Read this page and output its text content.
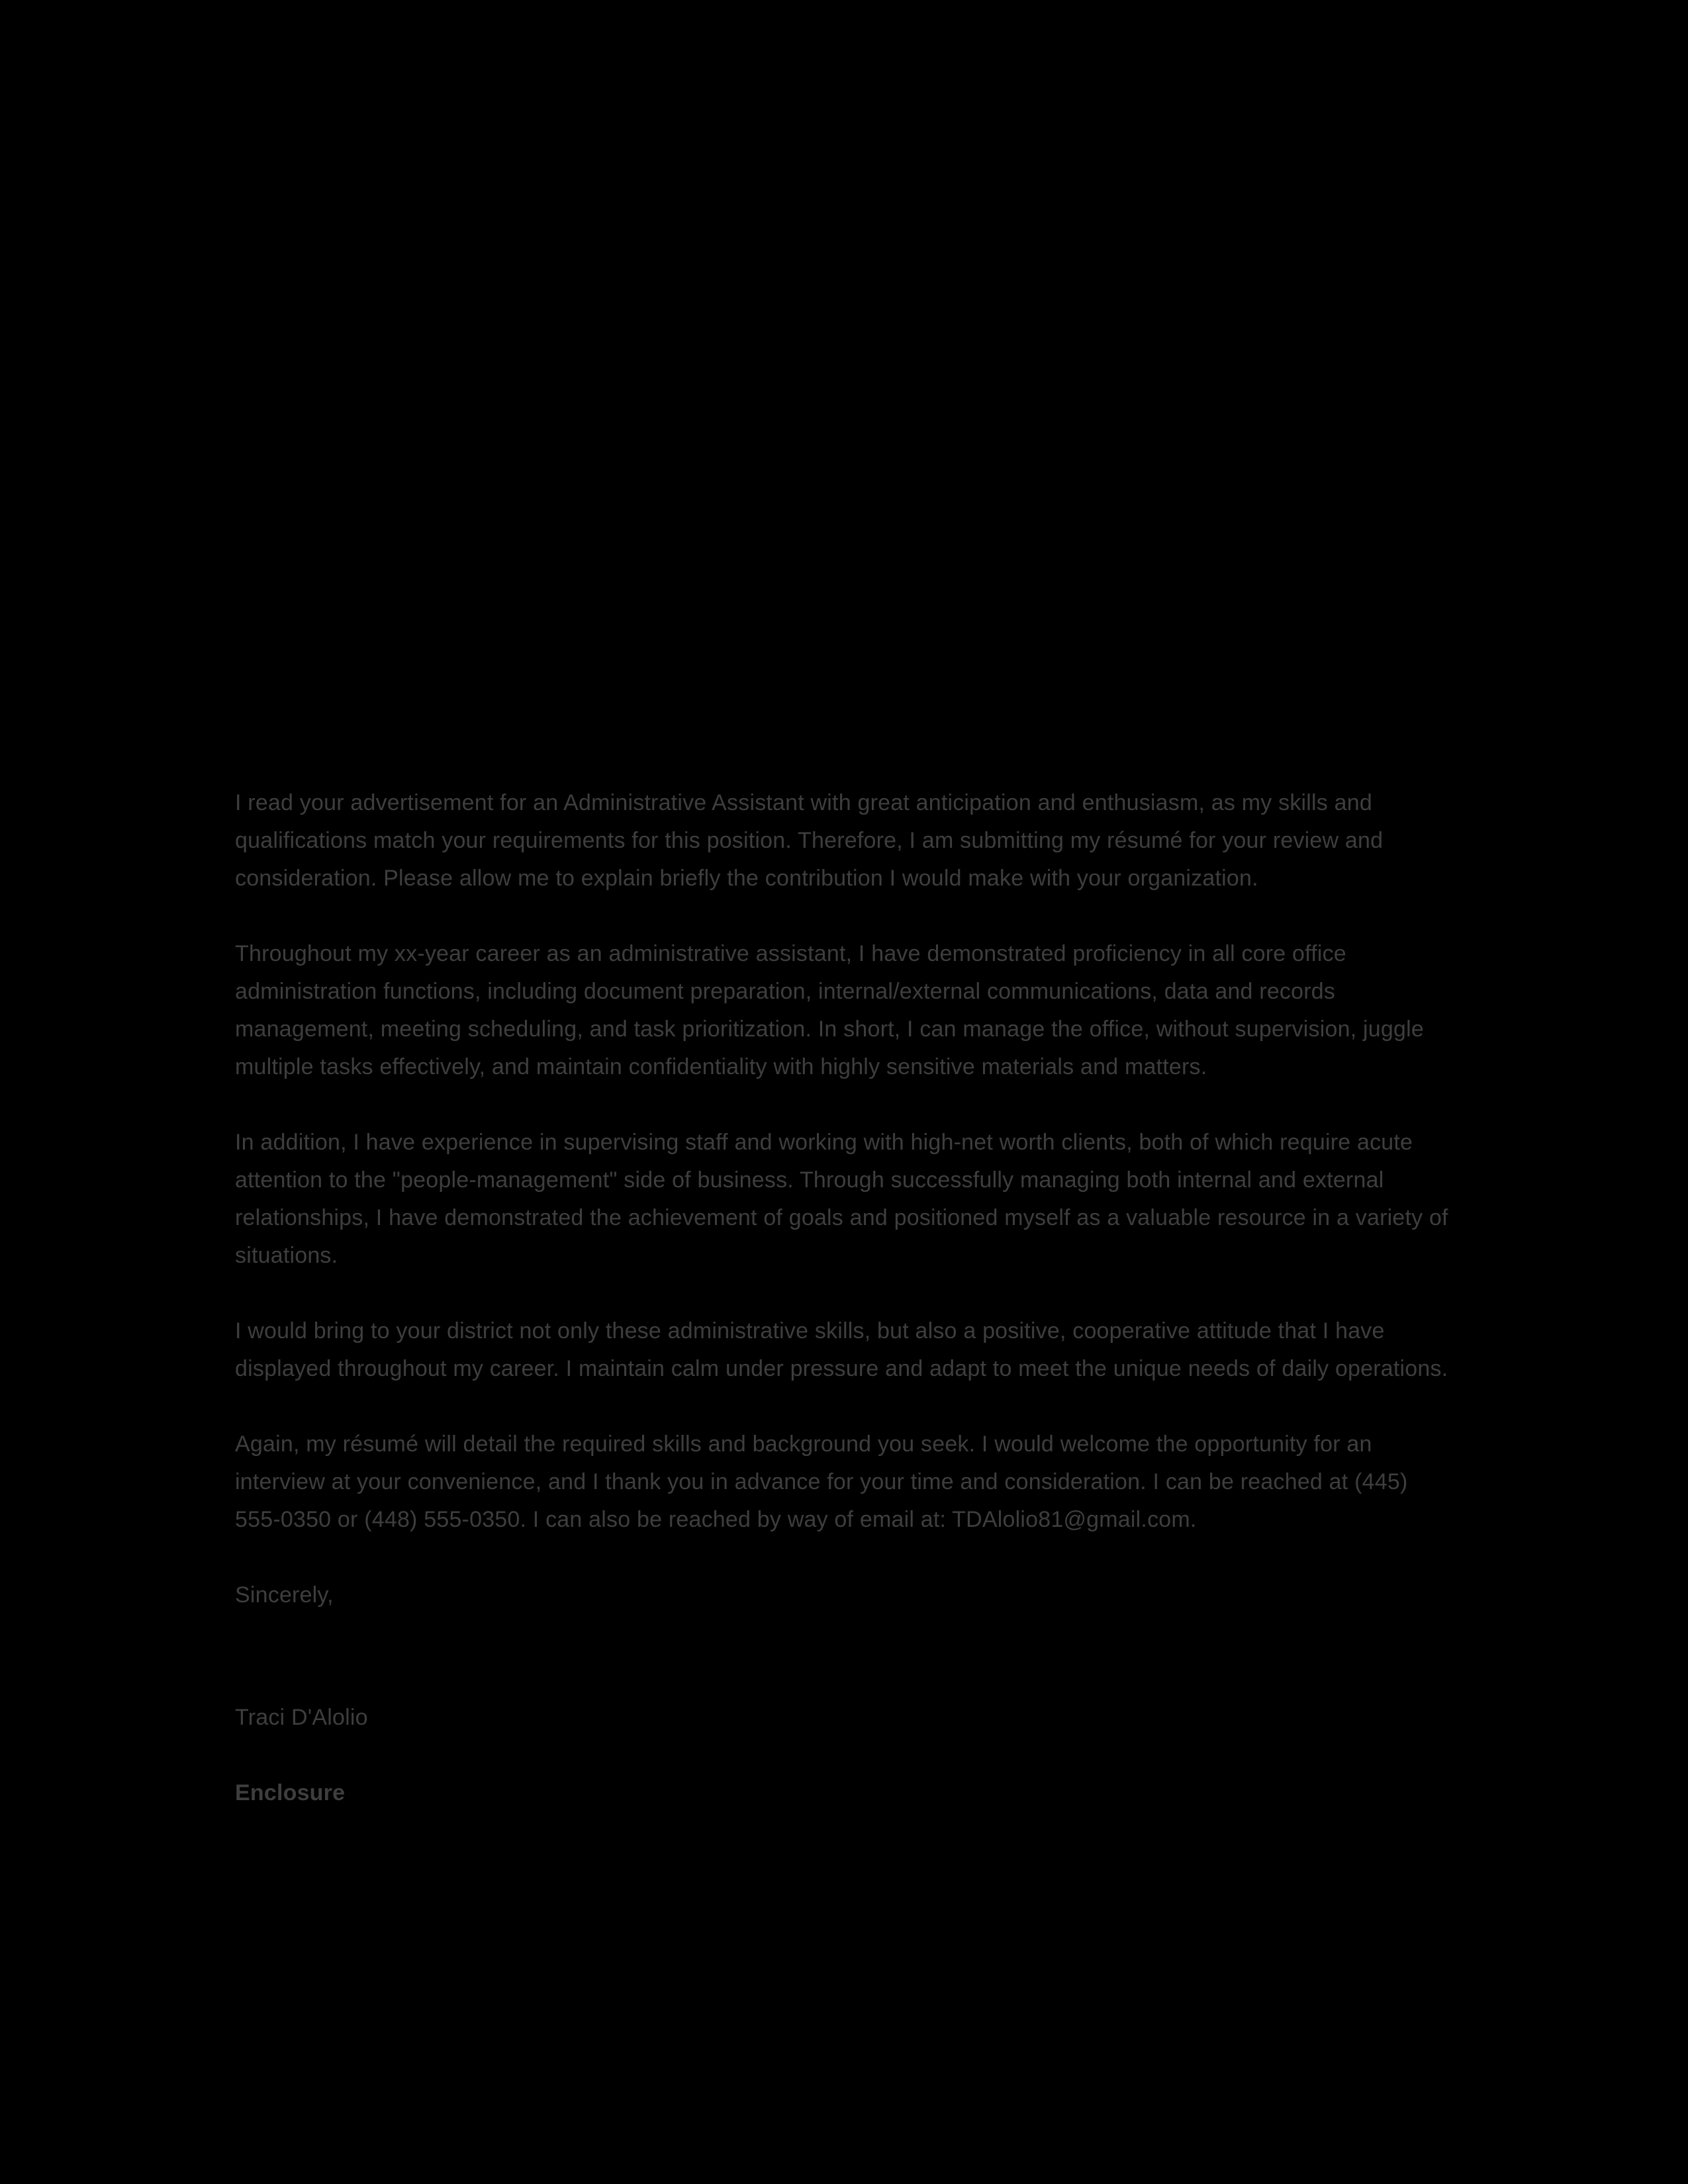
I read your advertisement for an Administrative Assistant with great anticipation and enthusiasm, as my skills and qualifications match your requirements for this position. Therefore, I am submitting my résumé for your review and consideration. Please allow me to explain briefly the contribution I would make with your organization.

Throughout my xx-year career as an administrative assistant, I have demonstrated proficiency in all core office administration functions, including document preparation, internal/external communications, data and records management, meeting scheduling, and task prioritization. In short, I can manage the office, without supervision, juggle multiple tasks effectively, and maintain confidentiality with highly sensitive materials and matters.

In addition, I have experience in supervising staff and working with high-net worth clients, both of which require acute attention to the "people-management" side of business. Through successfully managing both internal and external relationships, I have demonstrated the achievement of goals and positioned myself as a valuable resource in a variety of situations.

I would bring to your district not only these administrative skills, but also a positive, cooperative attitude that I have displayed throughout my career. I maintain calm under pressure and adapt to meet the unique needs of daily operations.

Again, my résumé will detail the required skills and background you seek. I would welcome the opportunity for an interview at your convenience, and I thank you in advance for your time and consideration. I can be reached at (445) 555-0350 or (448) 555-0350. I can also be reached by way of email at: TDAlolio81@gmail.com.

Sincerely,

Traci D'Alolio

Enclosure
